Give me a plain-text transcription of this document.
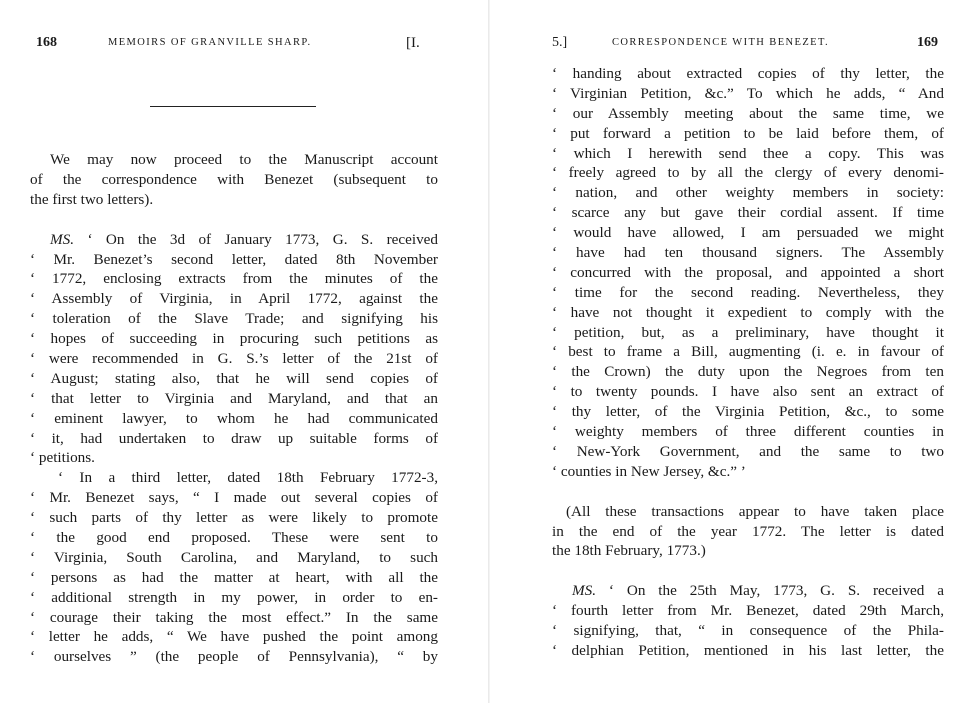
168	MEMOIRS OF GRANVILLE SHARP.	[I.
We may now proceed to the Manuscript account
of the correspondence with Benezet (subsequent to
the first two letters).
MS. ‘ On the 3d of January 1773, G. S. received
‘ Mr. Benezet’s second letter, dated 8th November
‘ 1772, enclosing extracts from the minutes of the
‘ Assembly of Virginia, in April 1772, against the
‘ toleration of the Slave Trade; and signifying his
‘ hopes of succeeding in procuring such petitions as
‘ were recommended in G. S.’s letter of the 21st of
‘ August; stating also, that he will send copies of
‘ that letter to Virginia and Maryland, and that an
‘ eminent lawyer, to whom he had communicated
‘ it, had undertaken to draw up suitable forms of
‘ petitions.
‘ In a third letter, dated 18th February 1772-3,
‘ Mr. Benezet says, “ I made out several copies of
‘ such parts of thy letter as were likely to promote
‘ the good end proposed. These were sent to
‘ Virginia, South Carolina, and Maryland, to such
‘ persons as had the matter at heart, with all the
‘ additional strength in my power, in order to en-
‘ courage their taking the most effect.” In the same
‘ letter he adds, “ We have pushed the point among
‘ ourselves ” (the people of Pennsylvania), “ by
5.]	CORRESPONDENCE WITH BENEZET.	169
‘ handing about extracted copies of thy letter, the
‘ Virginian Petition, &c.” To which he adds, “ And
‘ our Assembly meeting about the same time, we
‘ put forward a petition to be laid before them, of
‘ which I herewith send thee a copy. This was
‘ freely agreed to by all the clergy of every denomi-
‘ nation, and other weighty members in society:
‘ scarce any but gave their cordial assent. If time
‘ would have allowed, I am persuaded we might
‘ have had ten thousand signers. The Assembly
‘ concurred with the proposal, and appointed a short
‘ time for the second reading. Nevertheless, they
‘ have not thought it expedient to comply with the
‘ petition, but, as a preliminary, have thought it
‘ best to frame a Bill, augmenting (i. e. in favour of
‘ the Crown) the duty upon the Negroes from ten
‘ to twenty pounds. I have also sent an extract of
‘ thy letter, of the Virginia Petition, &c., to some
‘ weighty members of three different counties in
‘ New-York Government, and the same to two
‘ counties in New Jersey, &c.” ’
(All these transactions appear to have taken place
in the end of the year 1772. The letter is dated
the 18th February, 1773.)
MS. ‘ On the 25th May, 1773, G. S. received a
‘ fourth letter from Mr. Benezet, dated 29th March,
‘ signifying, that, “ in consequence of the Phila-
‘ delphian Petition, mentioned in his last letter, the
